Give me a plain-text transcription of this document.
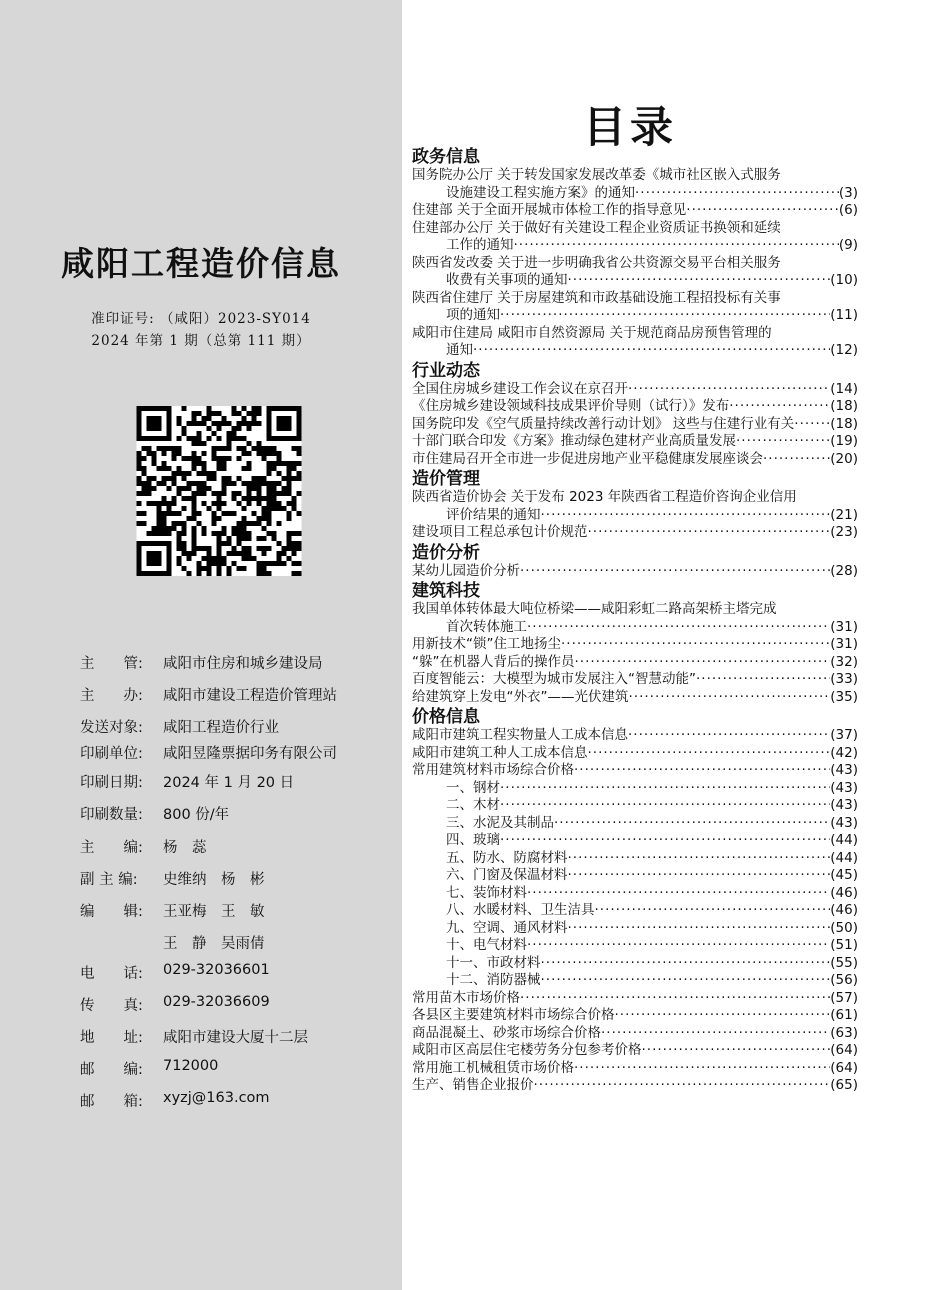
咸阳工程造价信息
准印证号: （咸阳）2023-SY014
2024 年第 1 期（总第 111 期）
主　　管:	咸阳市住房和城乡建设局
主　　办:	咸阳市建设工程造价管理站
发送对象:	咸阳工程造价行业
印刷单位:	咸阳昱隆票据印务有限公司
印刷日期:	2024 年 1 月 20 日
印刷数量:	800 份/年
主　　编:	杨　蕊
副 主 编:	史维纳　杨　彬
编　　辑:	王亚梅　王　敏
王　静　吴雨倩
电　　话:	029-32036601
传　　真:	029-32036609
地　　址:	咸阳市建设大厦十二层
邮　　编:	712000
邮　　箱:	xyzj@163.com
目录
政务信息
国务院办公厅 关于转发国家发展改革委《城市社区嵌入式服务
设施建设工程实施方案》的通知 ·····	(3)
住建部 关于全面开展城市体检工作的指导意见 ·····	(6)
住建部办公厅 关于做好有关建设工程企业资质证书换领和延续
工作的通知 ·····	(9)
陕西省发改委 关于进一步明确我省公共资源交易平台相关服务
收费有关事项的通知 ·····	(10)
陕西省住建厅 关于房屋建筑和市政基础设施工程招投标有关事
项的通知 ·····	(11)
咸阳市住建局 咸阳市自然资源局 关于规范商品房预售管理的
通知 ·····	(12)
行业动态
全国住房城乡建设工作会议在京召开 ·····	(14)
《住房城乡建设领域科技成果评价导则（试行）》发布 ·····	(18)
国务院印发《空气质量持续改善行动计划》 这些与住建行业有关 ·····	(18)
十部门联合印发《方案》推动绿色建材产业高质量发展 ·····	(19)
市住建局召开全市进一步促进房地产业平稳健康发展座谈会 ·····	(20)
造价管理
陕西省造价协会 关于发布 2023 年陕西省工程造价咨询企业信用
评价结果的通知 ·····	(21)
建设项目工程总承包计价规范 ·····	(23)
造价分析
某幼儿园造价分析 ·····	(28)
建筑科技
我国单体转体最大吨位桥梁——咸阳彩虹二路高架桥主塔完成
首次转体施工 ·····	(31)
用新技术“锁”住工地扬尘 ·····	(31)
“躲”在机器人背后的操作员 ·····	(32)
百度智能云：大模型为城市发展注入“智慧动能” ·····	(33)
给建筑穿上发电“外衣”——光伏建筑 ·····	(35)
价格信息
咸阳市建筑工程实物量人工成本信息 ·····	(37)
咸阳市建筑工种人工成本信息 ·····	(42)
常用建筑材料市场综合价格 ·····	(43)
一、钢材 ·····	(43)
二、木材 ·····	(43)
三、水泥及其制品 ·····	(43)
四、玻璃 ·····	(44)
五、防水、防腐材料 ·····	(44)
六、门窗及保温材料 ·····	(45)
七、装饰材料 ·····	(46)
八、水暖材料、卫生洁具 ·····	(46)
九、空调、通风材料 ·····	(50)
十、电气材料 ·····	(51)
十一、市政材料 ·····	(55)
十二、消防器械 ·····	(56)
常用苗木市场价格 ·····	(57)
各县区主要建筑材料市场综合价格 ·····	(61)
商品混凝土、砂浆市场综合价格 ·····	(63)
咸阳市区高层住宅楼劳务分包参考价格 ·····	(64)
常用施工机械租赁市场价格 ·····	(64)
生产、销售企业报价 ·····	(65)
